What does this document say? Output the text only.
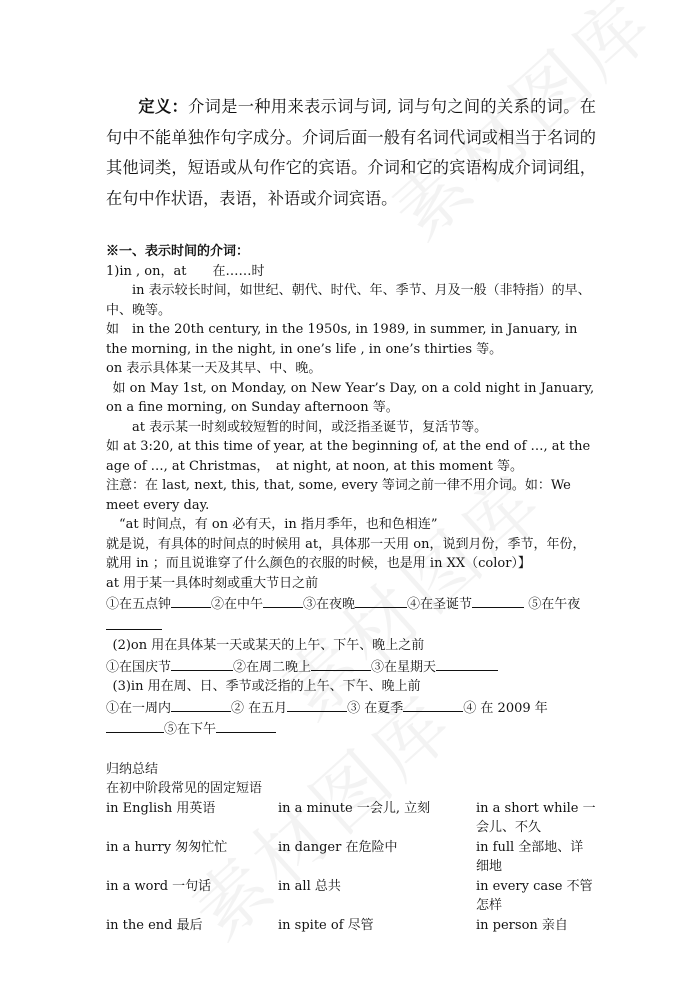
定义：介词是一种用来表示词与词, 词与句之间的关系的词。在句中不能单独作句字成分。介词后面一般有名词代词或相当于名词的其他词类，短语或从句作它的宾语。介词和它的宾语构成介词词组，在句中作状语，表语，补语或介词宾语。

※一、表示时间的介词：

1)in , on，at　　在……时

in 表示较长时间，如世纪、朝代、时代、年、季节、月及一般（非特指）的早、中、晚等。

如　in the 20th century, in the 1950s, in 1989, in summer, in January, in the morning, in the night, in one’s life , in one’s thirties 等。

on 表示具体某一天及其早、中、晚。

如 on May 1st, on Monday, on New Year’s Day, on a cold night in January, on a fine morning, on Sunday afternoon 等。

at 表示某一时刻或较短暂的时间，或泛指圣诞节，复活节等。

如 at 3:20, at this time of year, at the beginning of, at the end of …, at the age of …, at Christmas，　at night, at noon, at this moment 等。

注意：在 last, next, this, that, some, every 等词之前一律不用介词。如：We meet every day.

“at 时间点，有 on 必有天，in 指月季年，也和色相连”

就是说，有具体的时间点的时候用 at，具体那一天用 on，说到月份，季节，年份，就用 in ；而且说谁穿了什么颜色的衣服的时候，也是用 in XX（color）】

at 用于某一具体时刻或重大节日之前

①在五点钟	②在中午	③在夜晚	④在圣诞节	⑤在午夜

(2)on 用在具体某一天或某天的上午、下午、晚上之前

①在国庆节	②在周二晚上	③在星期天

(3)in 用在周、日、季节或泛指的上午、下午、晚上前

①在一周内	② 在五月	③ 在夏季	④ 在 2009 年⑤在下午

归纳总结

在初中阶段常见的固定短语

in English 用英语	in a minute 一会儿, 立刻	in a short while 一会儿、不久
in a hurry 匆匆忙忙	in danger 在危险中	in full 全部地、详细地
in a word 一句话	in all 总共	in every case 不管怎样
in the end 最后	in spite of 尽管	in person 亲自
